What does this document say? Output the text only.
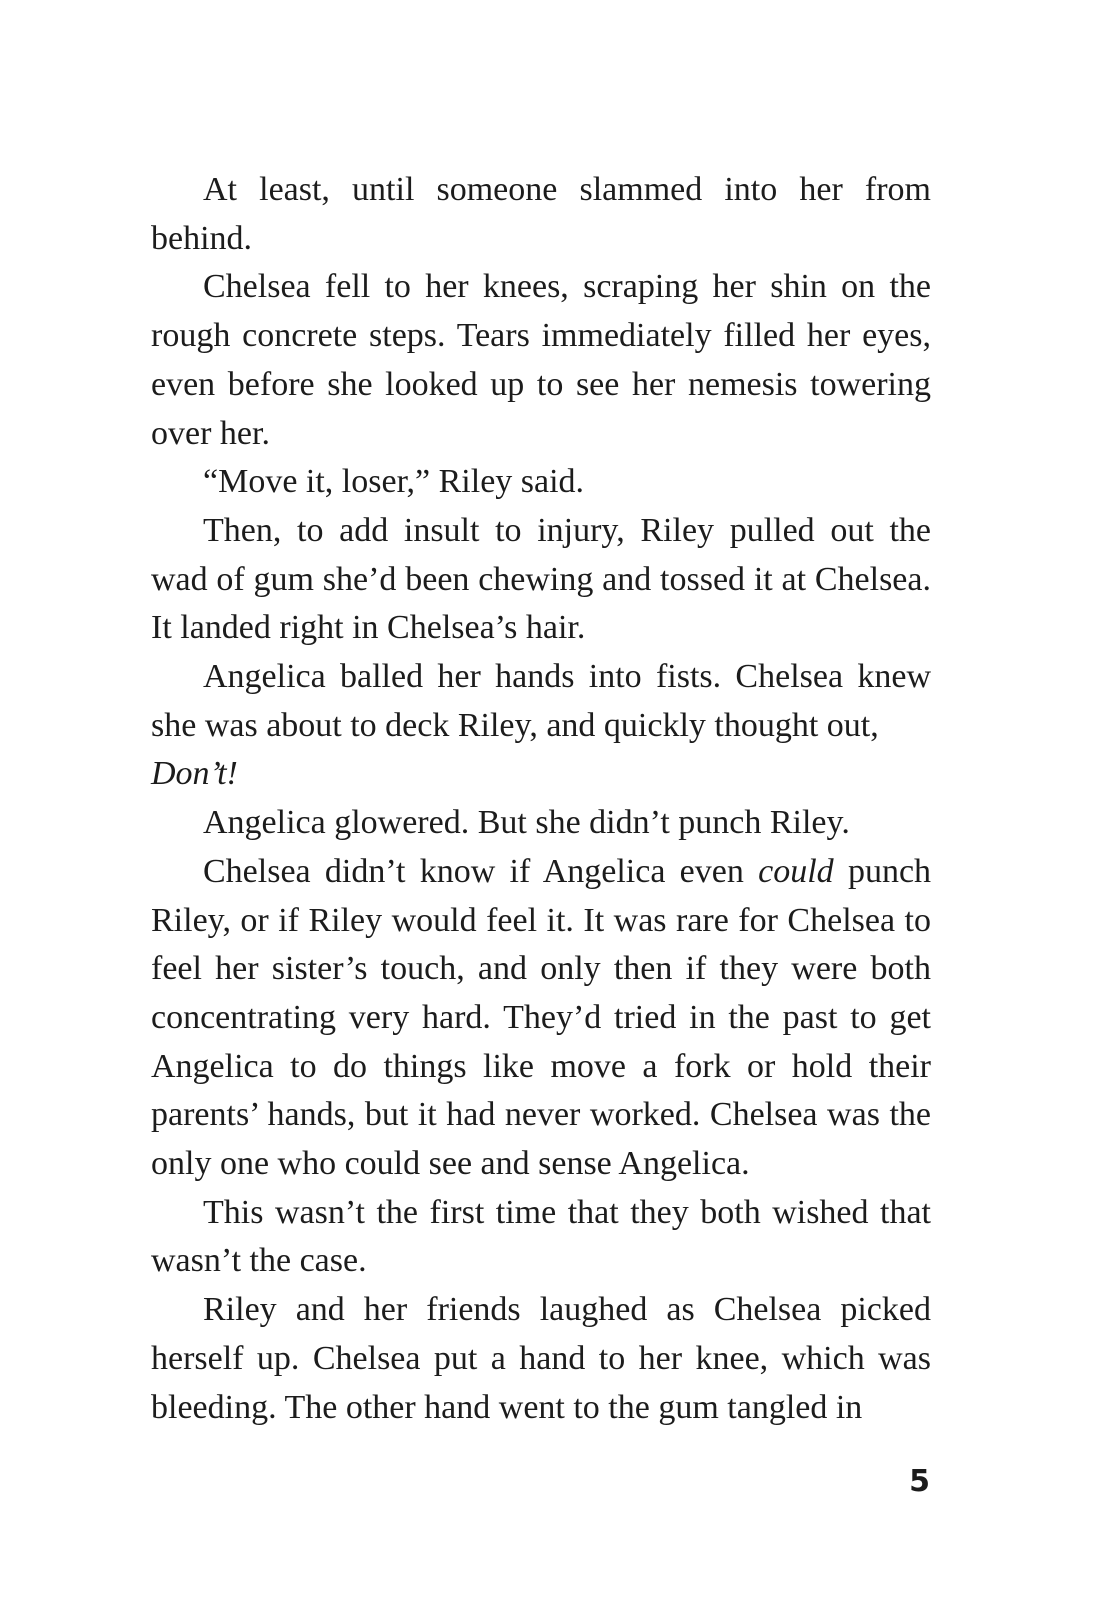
At least, until someone slammed into her from behind.

Chelsea fell to her knees, scraping her shin on the rough concrete steps. Tears immediately filled her eyes, even before she looked up to see her nemesis towering over her.

“Move it, loser,” Riley said.

Then, to add insult to injury, Riley pulled out the wad of gum she’d been chewing and tossed it at Chelsea. It landed right in Chelsea’s hair.

Angelica balled her hands into fists. Chelsea knew she was about to deck Riley, and quickly thought out,

Don’t!

Angelica glowered. But she didn’t punch Riley.

Chelsea didn’t know if Angelica even could punch Riley, or if Riley would feel it. It was rare for Chelsea to feel her sister’s touch, and only then if they were both concentrating very hard. They’d tried in the past to get Angelica to do things like move a fork or hold their parents’ hands, but it had never worked. Chelsea was the only one who could see and sense Angelica.

This wasn’t the first time that they both wished that wasn’t the case.

Riley and her friends laughed as Chelsea picked herself up. Chelsea put a hand to her knee, which was bleeding. The other hand went to the gum tangled in

5
